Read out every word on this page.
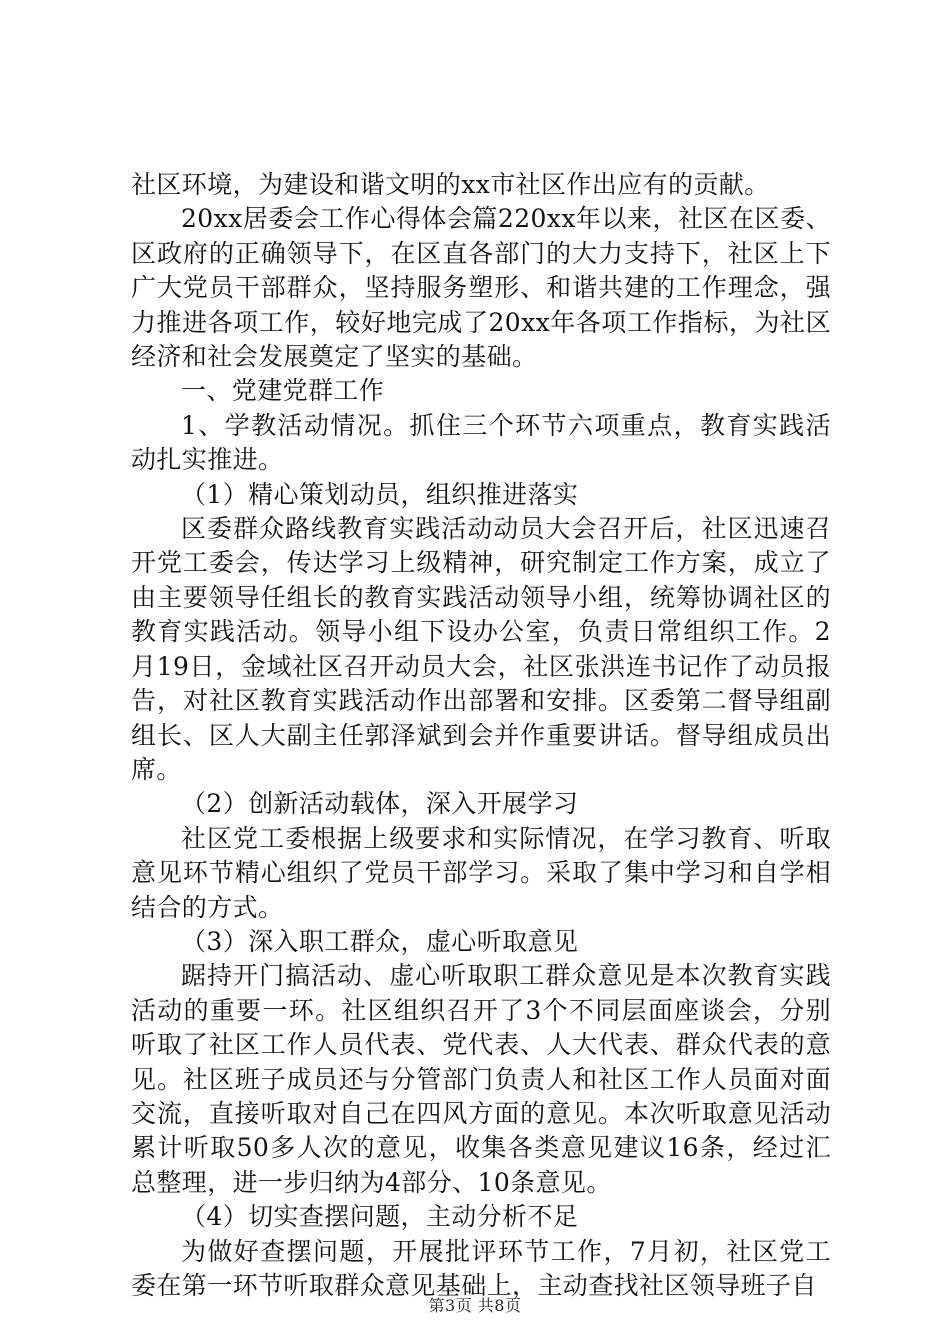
社区环境，为建设和谐文明的xx市社区作出应有的贡献。

20xx居委会工作心得体会篇220xx年以来，社区在区委、区政府的正确领导下，在区直各部门的大力支持下，社区上下广大党员干部群众，坚持服务塑形、和谐共建的工作理念，强力推进各项工作，较好地完成了20xx年各项工作指标，为社区经济和社会发展奠定了坚实的基础。

一、党建党群工作

1、学教活动情况。抓住三个环节六项重点，教育实践活动扎实推进。

（1）精心策划动员，组织推进落实

区委群众路线教育实践活动动员大会召开后，社区迅速召开党工委会，传达学习上级精神，研究制定工作方案，成立了由主要领导任组长的教育实践活动领导小组，统筹协调社区的教育实践活动。领导小组下设办公室，负责日常组织工作。2月19日，金域社区召开动员大会，社区张洪连书记作了动员报告，对社区教育实践活动作出部署和安排。区委第二督导组副组长、区人大副主任郭泽斌到会并作重要讲话。督导组成员出席。

（2）创新活动载体，深入开展学习

社区党工委根据上级要求和实际情况，在学习教育、听取意见环节精心组织了党员干部学习。采取了集中学习和自学相结合的方式。

（3）深入职工群众，虚心听取意见

踞持开门搞活动、虚心听取职工群众意见是本次教育实践活动的重要一环。社区组织召开了3个不同层面座谈会，分别听取了社区工作人员代表、党代表、人大代表、群众代表的意见。社区班子成员还与分管部门负责人和社区工作人员面对面交流，直接听取对自己在四风方面的意见。本次听取意见活动累计听取50多人次的意见，收集各类意见建议16条，经过汇总整理，进一步归纳为4部分、10条意见。

（4）切实查摆问题，主动分析不足

为做好查摆问题，开展批评环节工作，7月初，社区党工委在第一环节听取群众意见基础上，主动查找社区领导班子自

第3页 共8页
